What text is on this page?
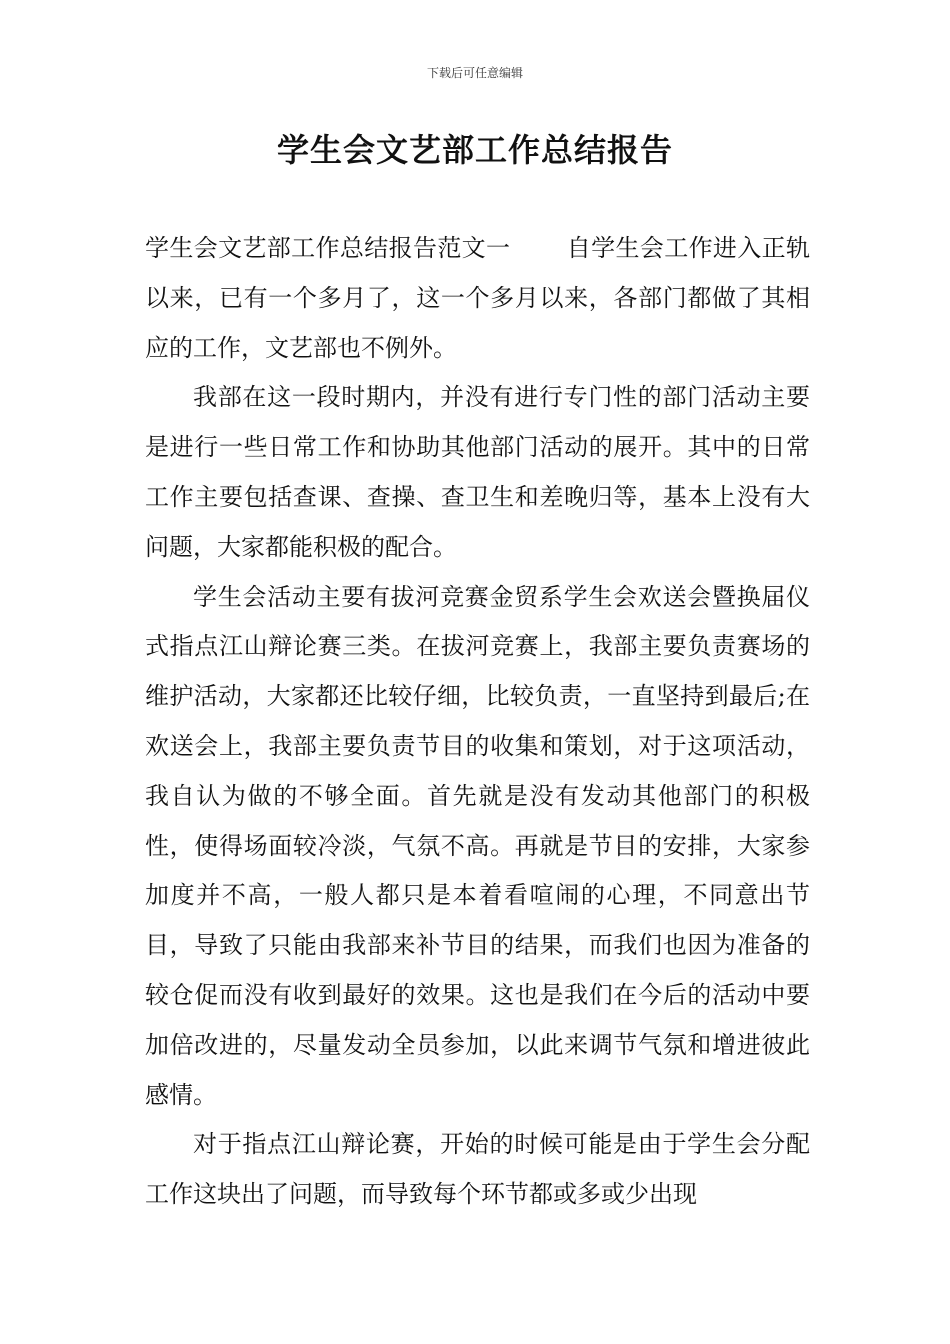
下载后可任意编辑
学生会文艺部工作总结报告

学生会文艺部工作总结报告范文一 自学生会工作进入正轨以来，已有一个多月了，这一个多月以来，各部门都做了其相应的工作，文艺部也不例外。

我部在这一段时期内，并没有进行专门性的部门活动主要是进行一些日常工作和协助其他部门活动的展开。其中的日常工作主要包括查课、查操、查卫生和差晚归等，基本上没有大问题，大家都能积极的配合。

学生会活动主要有拔河竞赛金贸系学生会欢送会暨换届仪式指点江山辩论赛三类。在拔河竞赛上，我部主要负责赛场的维护活动，大家都还比较仔细，比较负责，一直坚持到最后;在欢送会上，我部主要负责节目的收集和策划，对于这项活动，我自认为做的不够全面。首先就是没有发动其他部门的积极性，使得场面较冷淡，气氛不高。再就是节目的安排，大家参加度并不高，一般人都只是本着看喧闹的心理，不同意出节目，导致了只能由我部来补节目的结果，而我们也因为准备的较仓促而没有收到最好的效果。这也是我们在今后的活动中要加倍改进的，尽量发动全员参加，以此来调节气氛和增进彼此感情。

对于指点江山辩论赛，开始的时候可能是由于学生会分配工作这块出了问题，而导致每个环节都或多或少出现
